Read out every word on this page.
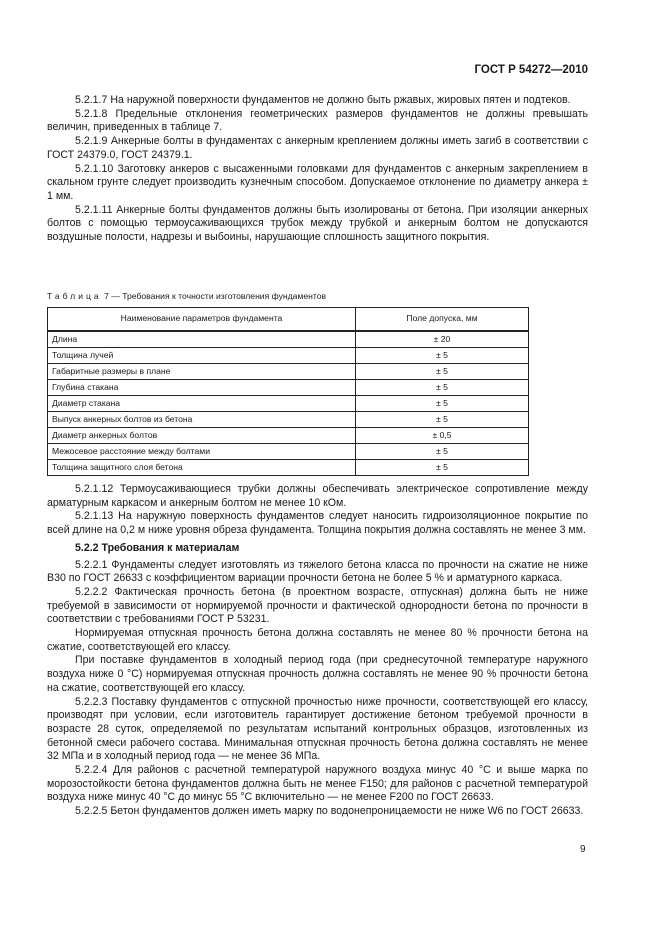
ГОСТ Р 54272—2010

5.2.1.7 На наружной поверхности фундаментов не должно быть ржавых, жировых пятен и подтеков.

5.2.1.8 Предельные отклонения геометрических размеров фундаментов не должны превышать величин, приведенных в таблице 7.

5.2.1.9 Анкерные болты в фундаментах с анкерным креплением должны иметь загиб в соответствии с ГОСТ 24379.0, ГОСТ 24379.1.

5.2.1.10 Заготовку анкеров с высаженными головками для фундаментов с анкерным закреплением в скальном грунте следует производить кузнечным способом. Допускаемое отклонение по диаметру анкера ± 1 мм.

5.2.1.11 Анкерные болты фундаментов должны быть изолированы от бетона. При изоляции анкерных болтов с помощью термоусаживающихся трубок между трубкой и анкерным болтом не допускаются воздушные полости, надрезы и выбоины, нарушающие сплошность защитного покрытия.

Таблица 7 — Требования к точности изготовления фундаментов

Наименование параметров фундамента	Поле допуска, мм
Длина	± 20
Толщина лучей	± 5
Габаритные размеры в плане	± 5
Глубина стакана	± 5
Диаметр стакана	± 5
Выпуск анкерных болтов из бетона	± 5
Диаметр анкерных болтов	± 0,5
Межосевое расстояние между болтами	± 5
Толщина защитного слоя бетона	± 5

5.2.1.12 Термоусаживающиеся трубки должны обеспечивать электрическое сопротивление между арматурным каркасом и анкерным болтом не менее 10 кОм.

5.2.1.13 На наружную поверхность фундаментов следует наносить гидроизоляционное покрытие по всей длине на 0,2 м ниже уровня обреза фундамента. Толщина покрытия должна составлять не менее 3 мм.

5.2.2 Требования к материалам

5.2.2.1 Фундаменты следует изготовлять из тяжелого бетона класса по прочности на сжатие не ниже В30 по ГОСТ 26633 с коэффициентом вариации прочности бетона не более 5 % и арматурного каркаса.

5.2.2.2 Фактическая прочность бетона (в проектном возрасте, отпускная) должна быть не ниже требуемой в зависимости от нормируемой прочности и фактической однородности бетона по прочности в соответствии с требованиями ГОСТ Р 53231.

Нормируемая отпускная прочность бетона должна составлять не менее 80 % прочности бетона на сжатие, соответствующей его классу.

При поставке фундаментов в холодный период года (при среднесуточной температуре наружного воздуха ниже 0 °С) нормируемая отпускная прочность должна составлять не менее 90 % прочности бетона на сжатие, соответствующей его классу.

5.2.2.3 Поставку фундаментов с отпускной прочностью ниже прочности, соответствующей его классу, производят при условии, если изготовитель гарантирует достижение бетоном требуемой прочности в возрасте 28 суток, определяемой по результатам испытаний контрольных образцов, изготовленных из бетонной смеси рабочего состава. Минимальная отпускная прочность бетона должна составлять не менее 32 МПа и в холодный период года — не менее 36 МПа.

5.2.2.4 Для районов с расчетной температурой наружного воздуха минус 40 °С и выше марка по морозостойкости бетона фундаментов должна быть не менее F150; для районов с расчетной температурой воздуха ниже минус 40 °С до минус 55 °С включительно — не менее F200 по ГОСТ 26633.

5.2.2.5 Бетон фундаментов должен иметь марку по водонепроницаемости не ниже W6 по ГОСТ 26633.

9
